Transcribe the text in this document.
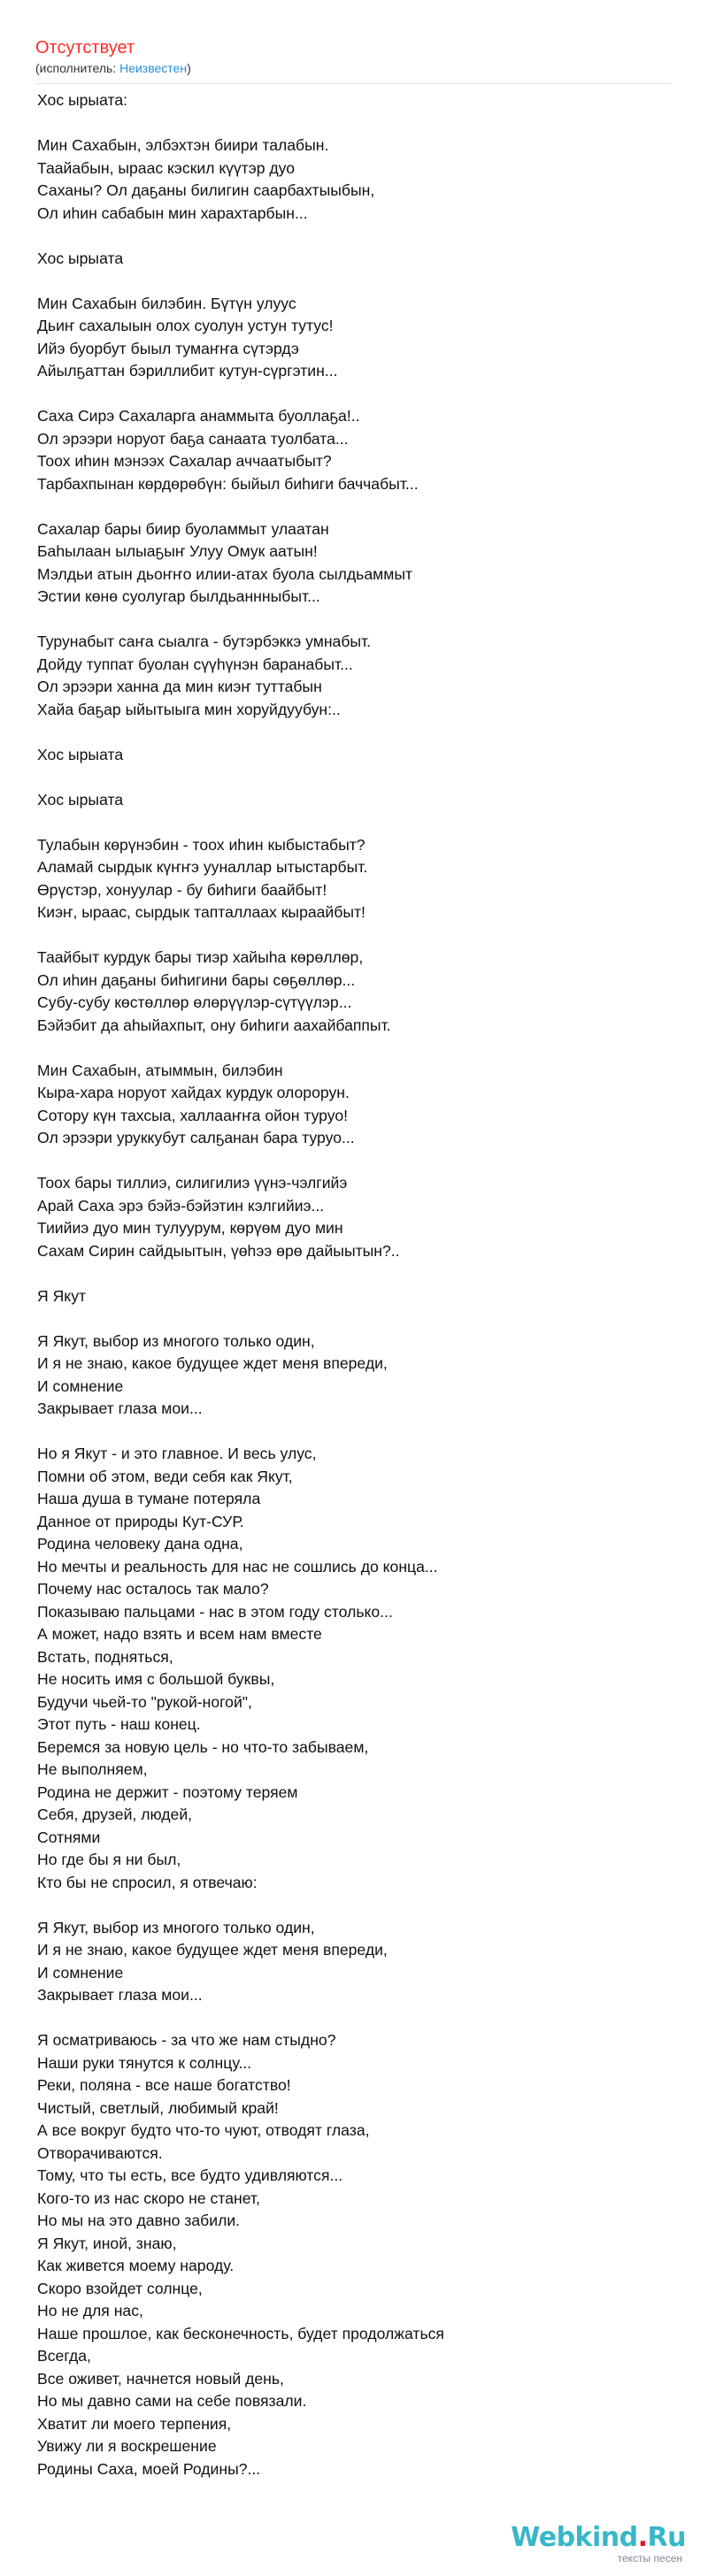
Отсутствует
(исполнитель: Неизвестен)
Хос ырыата:
Мин Сахабын, элбэхтэн биири талабын.
Таайабын, ыраас кэскил күүтэр дуо
Саханы? Ол даҕаны билигин саарбахтыыбын,
Ол иһин сабабын мин харахтарбын...
Хос ырыата
Мин Сахабын билэбин. Бүтүн улуус
Дьиҥ сахалыын олох суолун устун тутус!
Ийэ буорбут быыл тумаҥҥа сүтэрдэ
Айылҕаттан бэриллибит кутун-сүргэтин...
Саха Сирэ Сахаларга анаммыта буоллаҕа!..
Ол эрээри норуот баҕа санаата туолбата...
Тоох иһин мэнээх Сахалар аччаатыбыт?
Тарбахпынан көрдөрөбүн: быйыл биһиги баччабыт...
Сахалар бары биир буоламмыт улаатан
Баһылаан ылыаҕыҥ Улуу Омук аатын!
Мэлдьи атын дьоҥҥо илии-атах буола сылдьаммыт
Эстии көнө суолугар былдьаннныбыт...
Турунабыт саҥа сыалга - бутэрбэккэ умнабыт.
Дойду туппат буолан сүүһүнэн баранабыт...
Ол эрээри ханна да мин киэҥ туттабын
Хайа баҕар ыйытыыга мин хоруйдуубун:..
Хос ырыата
Хос ырыата
Тулабын көрүнэбин - тоох иһин кыбыстабыт?
Аламай сырдык күҥҥэ ууналлар ытыстарбыт.
Өрүстэр, хонуулар - бу биһиги баайбыт!
Киэҥ, ыраас, сырдык тапталлаах кыраайбыт!
Таайбыт курдук бары тиэр хайыһа көрөллөр,
Ол иһин даҕаны биһигини бары сөҕөллөр...
Субу-субу көстөллөр өлөрүүлэр-сүтүүлэр...
Бэйэбит да аһыйахпыт, ону биһиги аахайбаппыт.
Мин Сахабын, атыммын, билэбин
Кыра-хара норуот хайдах курдук олорорун.
Сотору күн тахсыа, халлааҥҥа ойон туруо!
Ол эрээри уруккубут салҕанан бара туруо...
Тоох бары тиллиэ, силигилиэ үүнэ-чэлгийэ
Арай Саха эрэ бэйэ-бэйэтин кэлгийиэ...
Тиийиэ дуо мин тулуурум, көрүөм дуо мин
Сахам Сирин сайдыытын, үөһээ өрө дайыытын?..
Я Якут
Я Якут, выбор из многого только один,
И я не знаю, какое будущее ждет меня впереди,
И сомнение
Закрывает глаза мои...
Но я Якут - и это главное. И весь улус,
Помни об этом, веди себя как Якут,
Наша душа в тумане потеряла
Данное от природы Кут-СУР.
Родина человеку дана одна,
Но мечты и реальность для нас не сошлись до конца...
Почему нас осталось так мало?
Показываю пальцами - нас в этом году столько...
А может, надо взять и всем нам вместе
Встать, подняться,
Не носить имя с большой буквы,
Будучи чьей-то "рукой-ногой",
Этот путь - наш конец.
Беремся за новую цель - но что-то забываем,
Не выполняем,
Родина не держит - поэтому теряем
Себя, друзей, людей,
Сотнями
Но где бы я ни был,
Кто бы не спросил, я отвечаю:
Я Якут, выбор из многого только один,
И я не знаю, какое будущее ждет меня впереди,
И сомнение
Закрывает глаза мои...
Я осматриваюсь - за что же нам стыдно?
Наши руки тянутся к солнцу...
Реки, поляна - все наше богатство!
Чистый, светлый, любимый край!
А все вокруг будто что-то чуют, отводят глаза,
Отворачиваются.
Тому, что ты есть, все будто удивляются...
Кого-то из нас скоро не станет,
Но мы на это давно забили.
Я Якут, иной, знаю,
Как живется моему народу.
Скоро взойдет солнце,
Но не для нас,
Наше прошлое, как бесконечность, будет продолжаться
Всегда,
Все оживет, начнется новый день,
Но мы давно сами на себе повязали.
Хватит ли моего терпения,
Увижу ли я воскрешение
Родины Саха, моей Родины?...
Webkind.Ru
тексты песен
